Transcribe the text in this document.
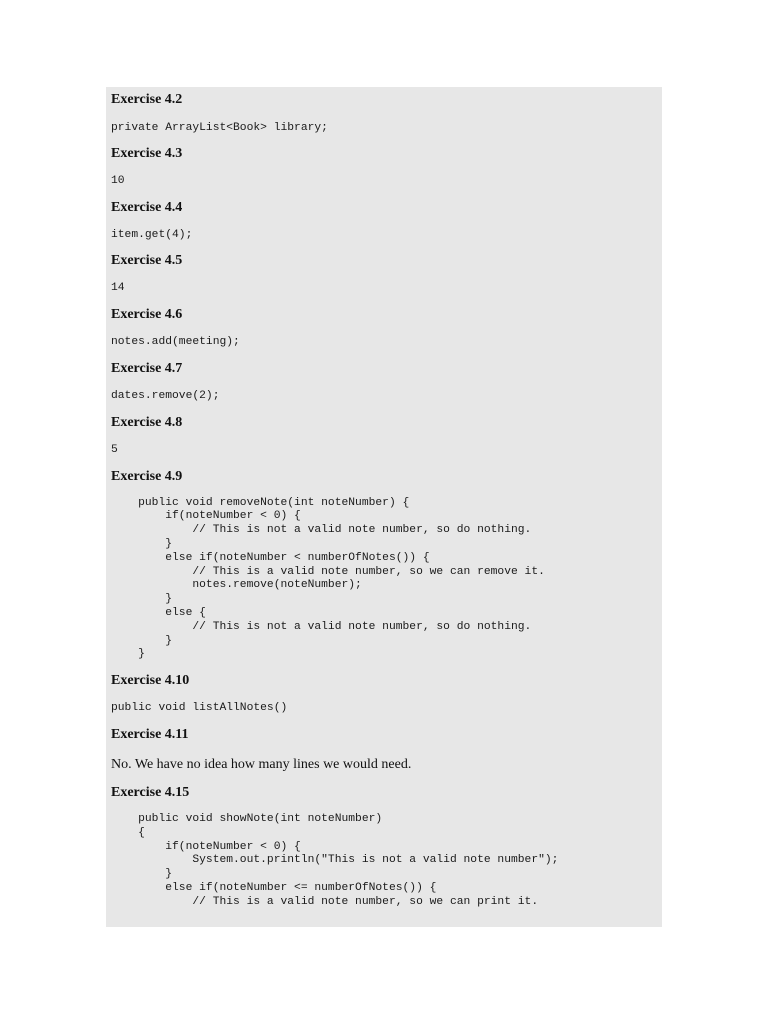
Exercise 4.2
private ArrayList<Book> library;
Exercise 4.3
10
Exercise 4.4
item.get(4);
Exercise 4.5
14
Exercise 4.6
notes.add(meeting);
Exercise 4.7
dates.remove(2);
Exercise 4.8
5
Exercise 4.9
public void removeNote(int noteNumber) {
if(noteNumber < 0) {
// This is not a valid note number, so do nothing.
}
else if(noteNumber < numberOfNotes()) {
// This is a valid note number, so we can remove it.
notes.remove(noteNumber);
}
else {
// This is not a valid note number, so do nothing.
}
}
Exercise 4.10
public void listAllNotes()
Exercise 4.11
No. We have no idea how many lines we would need.
Exercise 4.15
public void showNote(int noteNumber)
{
if(noteNumber < 0) {
System.out.println("This is not a valid note number");
}
else if(noteNumber <= numberOfNotes()) {
// This is a valid note number, so we can print it.
